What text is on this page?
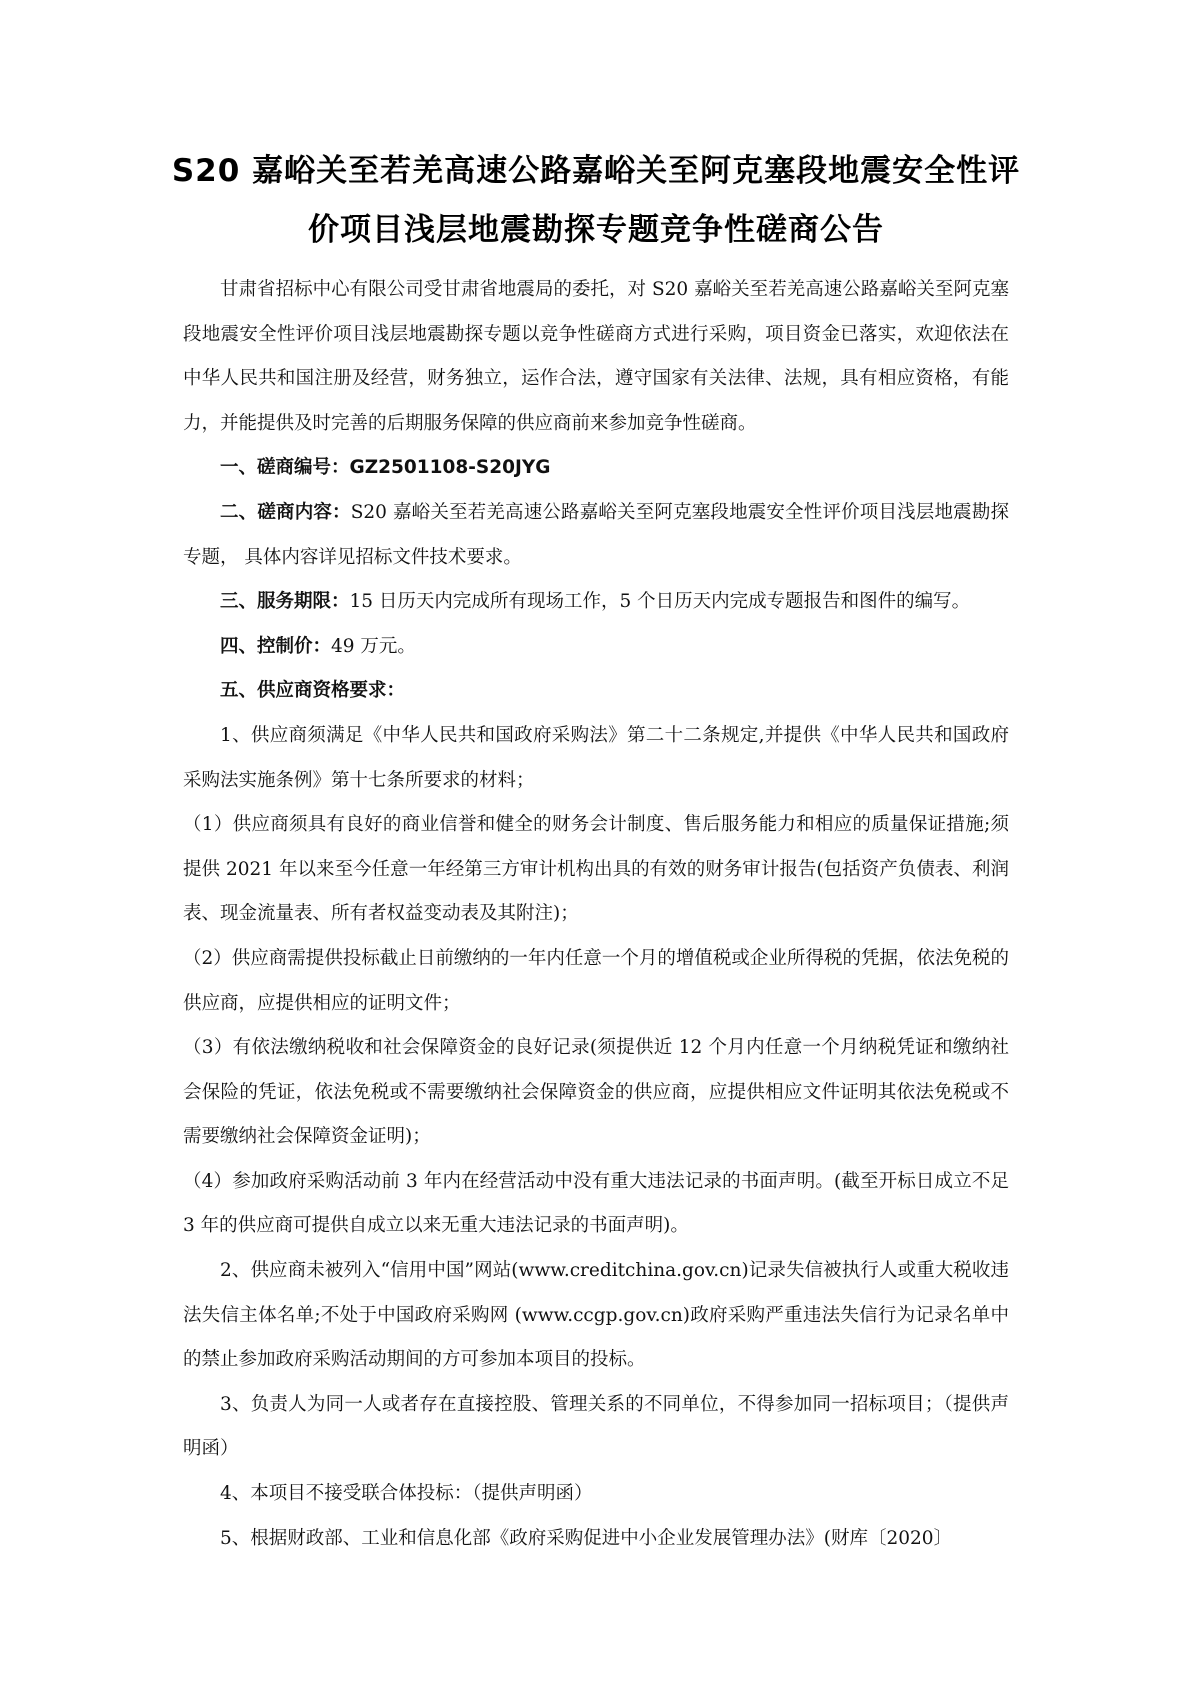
S20 嘉峪关至若羌高速公路嘉峪关至阿克塞段地震安全性评
价项目浅层地震勘探专题竞争性磋商公告

甘肃省招标中心有限公司受甘肃省地震局的委托，对 S20 嘉峪关至若羌高速公路嘉峪关至阿克塞段地震安全性评价项目浅层地震勘探专题以竞争性磋商方式进行采购，项目资金已落实，欢迎依法在中华人民共和国注册及经营，财务独立，运作合法，遵守国家有关法律、法规，具有相应资格，有能力，并能提供及时完善的后期服务保障的供应商前来参加竞争性磋商。

一、磋商编号：GZ2501108-S20JYG

二、磋商内容：S20 嘉峪关至若羌高速公路嘉峪关至阿克塞段地震安全性评价项目浅层地震勘探专题， 具体内容详见招标文件技术要求。

三、服务期限：15 日历天内完成所有现场工作，5 个日历天内完成专题报告和图件的编写。

四、控制价：49 万元。

五、供应商资格要求：

1、供应商须满足《中华人民共和国政府采购法》第二十二条规定,并提供《中华人民共和国政府采购法实施条例》第十七条所要求的材料；

（1）供应商须具有良好的商业信誉和健全的财务会计制度、售后服务能力和相应的质量保证措施;须提供 2021 年以来至今任意一年经第三方审计机构出具的有效的财务审计报告(包括资产负债表、利润表、现金流量表、所有者权益变动表及其附注)；

（2）供应商需提供投标截止日前缴纳的一年内任意一个月的增值税或企业所得税的凭据，依法免税的供应商，应提供相应的证明文件；

（3）有依法缴纳税收和社会保障资金的良好记录(须提供近 12 个月内任意一个月纳税凭证和缴纳社会保险的凭证，依法免税或不需要缴纳社会保障资金的供应商，应提供相应文件证明其依法免税或不需要缴纳社会保障资金证明)；

（4）参加政府采购活动前 3 年内在经营活动中没有重大违法记录的书面声明。(截至开标日成立不足 3 年的供应商可提供自成立以来无重大违法记录的书面声明)。

2、供应商未被列入“信用中国”网站(www.creditchina.gov.cn)记录失信被执行人或重大税收违法失信主体名单;不处于中国政府采购网 (www.ccgp.gov.cn)政府采购严重违法失信行为记录名单中的禁止参加政府采购活动期间的方可参加本项目的投标。

3、负责人为同一人或者存在直接控股、管理关系的不同单位，不得参加同一招标项目；（提供声明函）

4、本项目不接受联合体投标：（提供声明函）

5、根据财政部、工业和信息化部《政府采购促进中小企业发展管理办法》(财库〔2020〕
